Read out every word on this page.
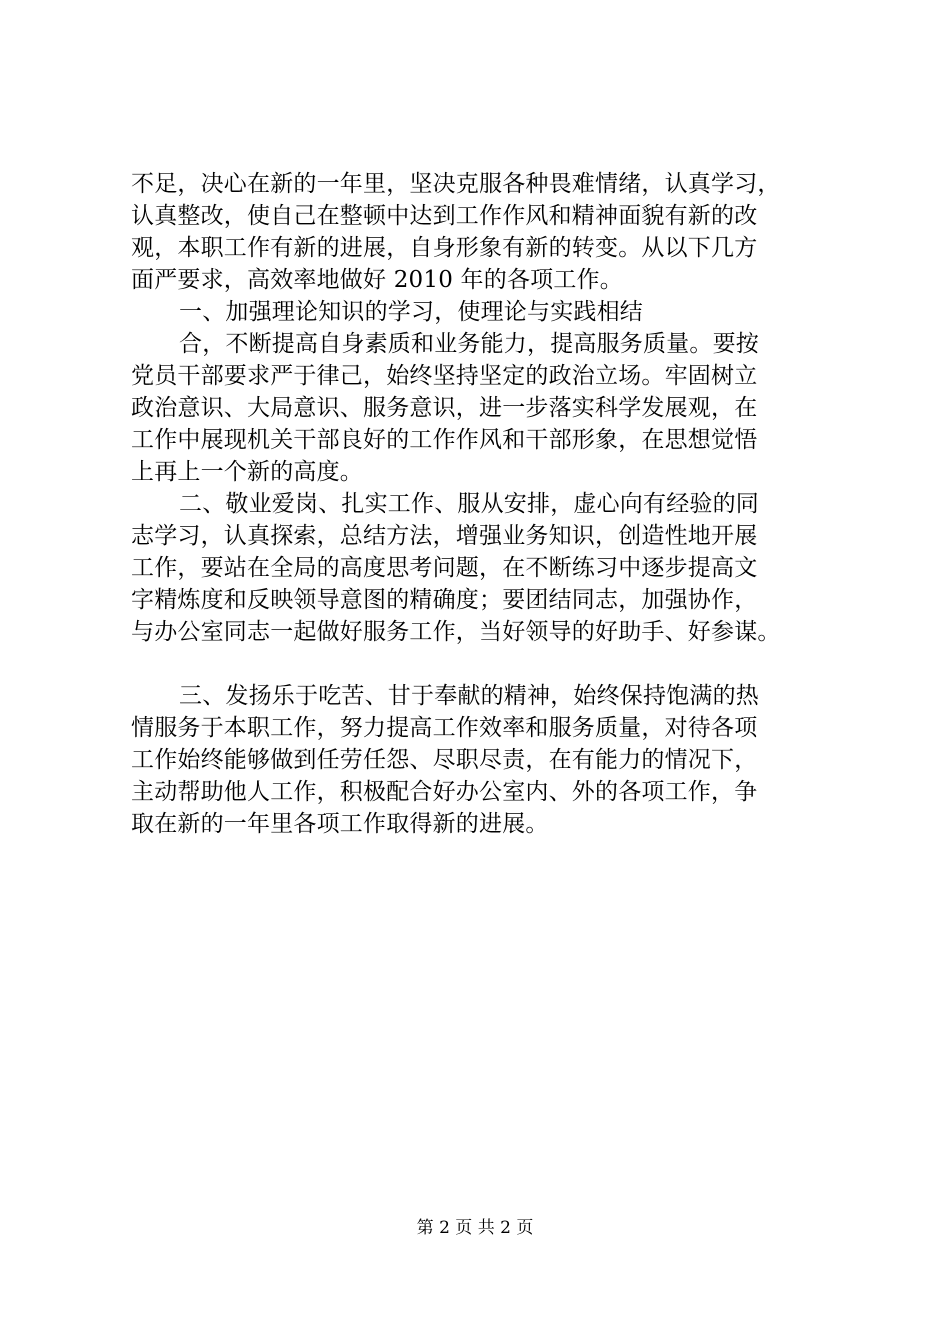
不足，决心在新的一年里，坚决克服各种畏难情绪，认真学习，
认真整改，使自己在整顿中达到工作作风和精神面貌有新的改
观，本职工作有新的进展，自身形象有新的转变。从以下几方
面严要求，高效率地做好 2010 年的各项工作。
一、加强理论知识的学习，使理论与实践相结
合，不断提高自身素质和业务能力，提高服务质量。要按
党员干部要求严于律己，始终坚持坚定的政治立场。牢固树立
政治意识、大局意识、服务意识，进一步落实科学发展观，在
工作中展现机关干部良好的工作作风和干部形象，在思想觉悟
上再上一个新的高度。
二、敬业爱岗、扎实工作、服从安排，虚心向有经验的同
志学习，认真探索，总结方法，增强业务知识，创造性地开展
工作，要站在全局的高度思考问题，在不断练习中逐步提高文
字精炼度和反映领导意图的精确度；要团结同志，加强协作，
与办公室同志一起做好服务工作，当好领导的好助手、好参谋。
三、发扬乐于吃苦、甘于奉献的精神，始终保持饱满的热
情服务于本职工作，努力提高工作效率和服务质量，对待各项
工作始终能够做到任劳任怨、尽职尽责，在有能力的情况下，
主动帮助他人工作，积极配合好办公室内、外的各项工作，争
取在新的一年里各项工作取得新的进展。
第 2 页 共 2 页
